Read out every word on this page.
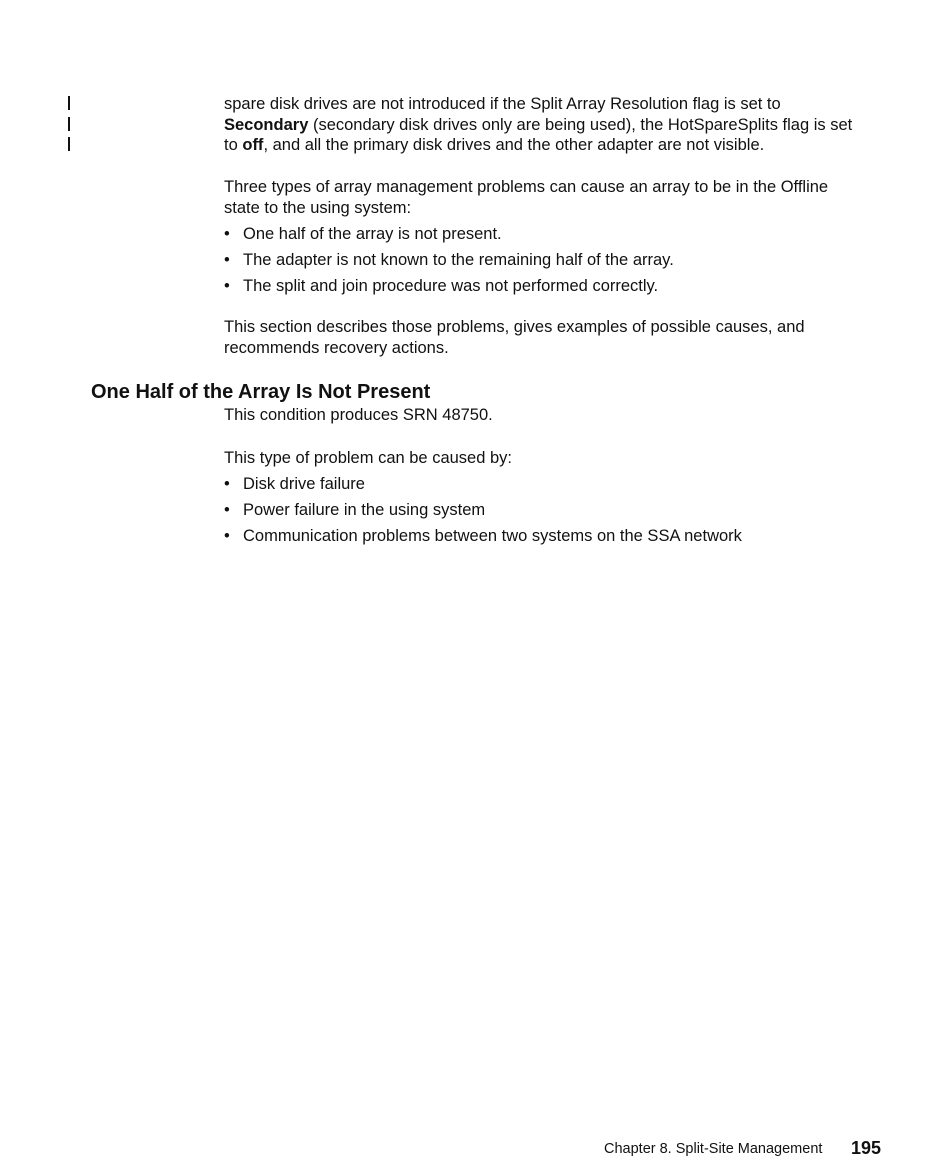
spare disk drives are not introduced if the Split Array Resolution flag is set to
Secondary (secondary disk drives only are being used), the HotSpareSplits flag is set
to off, and all the primary disk drives and the other adapter are not visible.
Three types of array management problems can cause an array to be in the Offline
state to the using system:
• One half of the array is not present.
• The adapter is not known to the remaining half of the array.
• The split and join procedure was not performed correctly.
This section describes those problems, gives examples of possible causes, and
recommends recovery actions.
One Half of the Array Is Not Present
This condition produces SRN 48750.
This type of problem can be caused by:
• Disk drive failure
• Power failure in the using system
• Communication problems between two systems on the SSA network
Chapter 8. Split-Site Management 195
